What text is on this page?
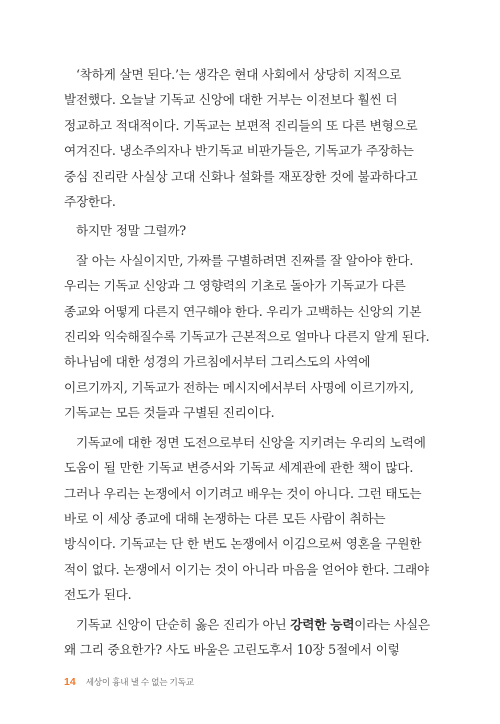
‘착하게 살면 된다.’는 생각은 현대 사회에서 상당히 지적으로 발전했다. 오늘날 기독교 신앙에 대한 거부는 이전보다 훨씬 더 정교하고 적대적이다. 기독교는 보편적 진리들의 또 다른 변형으로 여겨진다. 냉소주의자나 반기독교 비판가들은, 기독교가 주장하는 중심 진리란 사실상 고대 신화나 설화를 재포장한 것에 불과하다고 주장한다.

하지만 정말 그럴까?

잘 아는 사실이지만, 가짜를 구별하려면 진짜를 잘 알아야 한다. 우리는 기독교 신앙과 그 영향력의 기초로 돌아가 기독교가 다른 종교와 어떻게 다른지 연구해야 한다. 우리가 고백하는 신앙의 기본 진리와 익숙해질수록 기독교가 근본적으로 얼마나 다른지 알게 된다. 하나님에 대한 성경의 가르침에서부터 그리스도의 사역에 이르기까지, 기독교가 전하는 메시지에서부터 사명에 이르기까지, 기독교는 모든 것들과 구별된 진리이다.

기독교에 대한 정면 도전으로부터 신앙을 지키려는 우리의 노력에 도움이 될 만한 기독교 변증서와 기독교 세계관에 관한 책이 많다. 그러나 우리는 논쟁에서 이기려고 배우는 것이 아니다. 그런 태도는 바로 이 세상 종교에 대해 논쟁하는 다른 모든 사람이 취하는 방식이다. 기독교는 단 한 번도 논쟁에서 이김으로써 영혼을 구원한 적이 없다. 논쟁에서 이기는 것이 아니라 마음을 얻어야 한다. 그래야 전도가 된다.

기독교 신앙이 단순히 옳은 진리가 아닌 강력한 능력이라는 사실은 왜 그리 중요한가? 사도 바울은 고린도후서 10장 5절에서 이렇

14 세상이 흉내 낼 수 없는 기독교
